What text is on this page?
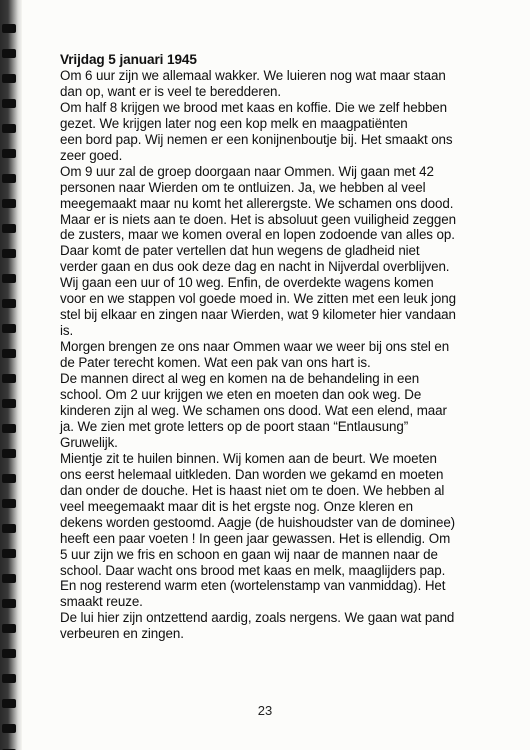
Vrijdag 5 januari 1945
Om 6 uur zijn we allemaal wakker. We luieren nog wat maar staan
dan op, want er is veel te beredderen.
Om half 8 krijgen we brood met kaas en koffie. Die we zelf hebben
gezet. We krijgen later nog een kop melk en maagpatiënten
een bord pap. Wij nemen er een konijnenboutje bij. Het smaakt ons
zeer goed.
Om 9 uur zal de groep doorgaan naar Ommen. Wij gaan met 42
personen naar Wierden om te ontluizen. Ja, we hebben al veel
meegemaakt maar nu komt het allerergste. We schamen ons dood.
Maar er is niets aan te doen. Het is absoluut geen vuiligheid zeggen
de zusters, maar we komen overal en lopen zodoende van alles op.
Daar komt de pater vertellen dat hun wegens de gladheid niet
verder gaan en dus ook deze dag en nacht in Nijverdal overblijven.
Wij gaan een uur of 10 weg. Enfin, de overdekte wagens komen
voor en we stappen vol goede moed in. We zitten met een leuk jong
stel bij elkaar en zingen naar Wierden, wat 9 kilometer hier vandaan
is.
Morgen brengen ze ons naar Ommen waar we weer bij ons stel en
de Pater terecht komen. Wat een pak van ons hart is.
De mannen direct al weg en komen na de behandeling in een
school. Om 2 uur krijgen we eten en moeten dan ook weg. De
kinderen zijn al weg. We schamen ons dood. Wat een elend, maar
ja. We zien met grote letters op de poort staan “Entlausung”
Gruwelijk.
Mientje zit te huilen binnen. Wij komen aan de beurt. We moeten
ons eerst helemaal uitkleden. Dan worden we gekamd en moeten
dan onder de douche. Het is haast niet om te doen. We hebben al
veel meegemaakt maar dit is het ergste nog. Onze kleren en
dekens worden gestoomd. Aagje (de huishoudster van de dominee)
heeft een paar voeten ! In geen jaar gewassen. Het is ellendig. Om
5 uur zijn we fris en schoon en gaan wij naar de mannen naar de
school. Daar wacht ons brood met kaas en melk, maaglijders pap.
En nog resterend warm eten (wortelenstamp van vanmiddag). Het
smaakt reuze.
De lui hier zijn ontzettend aardig, zoals nergens. We gaan wat pand
verbeuren en zingen.
23
